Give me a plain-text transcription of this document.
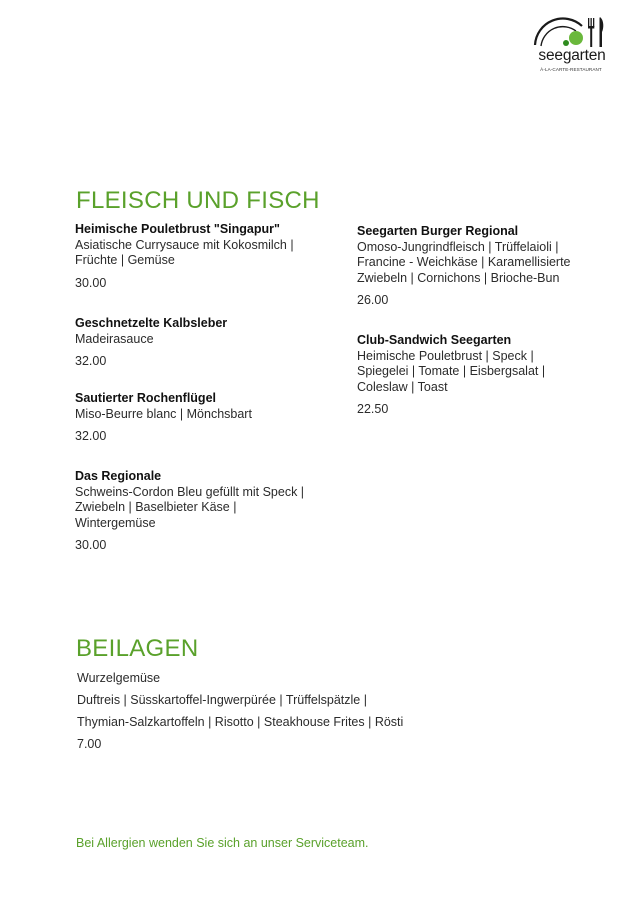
seegarten
À-LA-CARTE-RESTAURANT
FLEISCH UND FISCH
Heimische Pouletbrust "Singapur"
Asiatische Currysauce mit Kokosmilch |
Früchte | Gemüse
30.00
Geschnetzelte Kalbsleber
Madeirasauce
32.00
Sautierter Rochenflügel
Miso-Beurre blanc | Mönchsbart
32.00
Das Regionale
Schweins-Cordon Bleu gefüllt mit Speck |
Zwiebeln | Baselbieter Käse |
Wintergemüse
30.00
Seegarten Burger Regional
Omoso-Jungrindfleisch | Trüffelaioli |
Francine - Weichkäse | Karamellisierte
Zwiebeln | Cornichons | Brioche-Bun
26.00
Club-Sandwich Seegarten
Heimische Pouletbrust | Speck |
Spiegelei | Tomate | Eisbergsalat |
Coleslaw | Toast
22.50
BEILAGEN
Wurzelgemüse
Duftreis | Süsskartoffel-Ingwerpürée | Trüffelspätzle |
Thymian-Salzkartoffeln | Risotto | Steakhouse Frites | Rösti
7.00
Bei Allergien wenden Sie sich an unser Serviceteam.
